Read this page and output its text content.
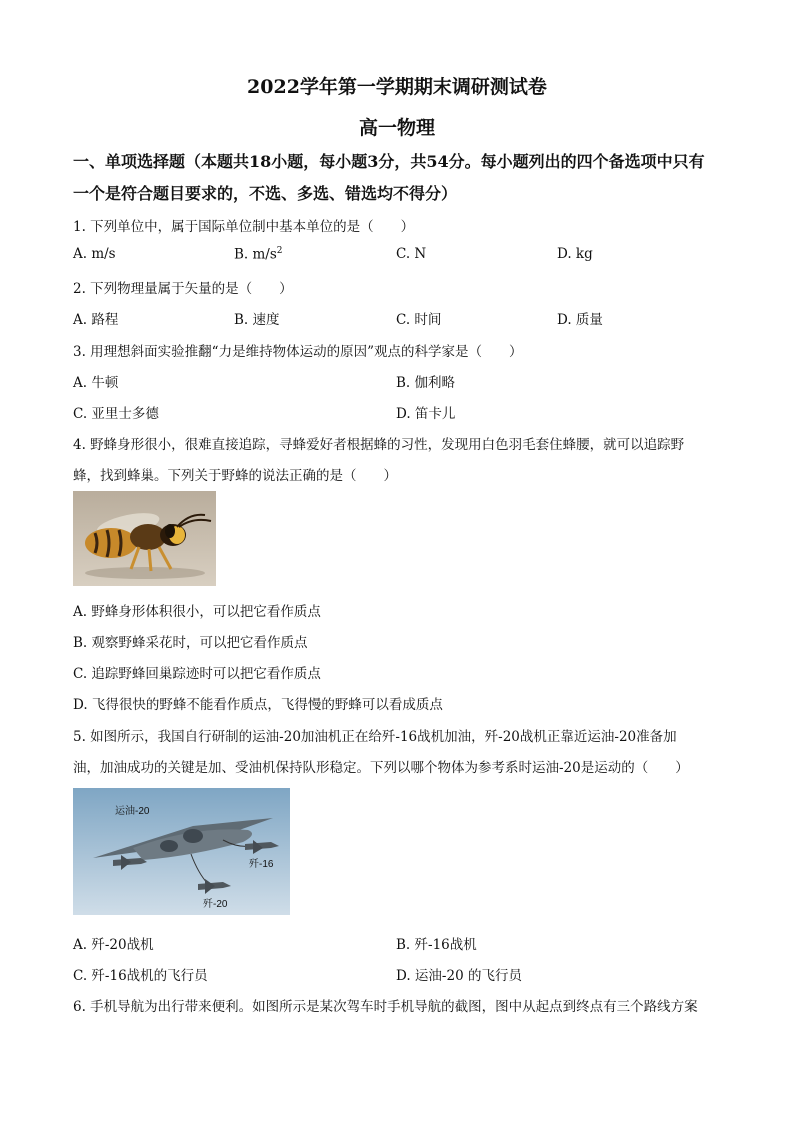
2022学年第一学期期末调研测试卷
高一物理
一、单项选择题（本题共18小题，每小题3分，共54分。每小题列出的四个备选项中只有
一个是符合题目要求的，不选、多选、错选均不得分）
1. 下列单位中，属于国际单位制中基本单位的是（　　）
A. m/s	B. $m/s^2$	C. N	D. kg
2. 下列物理量属于矢量的是（　　）
A. 路程	B. 速度	C. 时间	D. 质量
3. 用理想斜面实验推翻“力是维持物体运动的原因”观点的科学家是（　　）
A. 牛顿	B. 伽利略
C. 亚里士多德	D. 笛卡儿
4. 野蜂身形很小，很难直接追踪，寻蜂爱好者根据蜂的习性，发现用白色羽毛套住蜂腰，就可以追踪野
蜂，找到蜂巢。下列关于野蜂的说法正确的是（　　）
A. 野蜂身形体积很小，可以把它看作质点
B. 观察野蜂采花时，可以把它看作质点
C. 追踪野蜂回巢踪迹时可以把它看作质点
D. 飞得很快的野蜂不能看作质点，飞得慢的野蜂可以看成质点
5. 如图所示，我国自行研制的运油-20加油机正在给歼-16战机加油，歼-20战机正靠近运油-20准备加
油，加油成功的关键是加、受油机保持队形稳定。下列以哪个物体为参考系时运油-20是运动的（　　）
运油-20
歼-16
歼-20
A. 歼-20战机	B. 歼-16战机
C. 歼-16战机的飞行员	D. 运油-20 的飞行员
6. 手机导航为出行带来便利。如图所示是某次驾车时手机导航的截图，图中从起点到终点有三个路线方案
